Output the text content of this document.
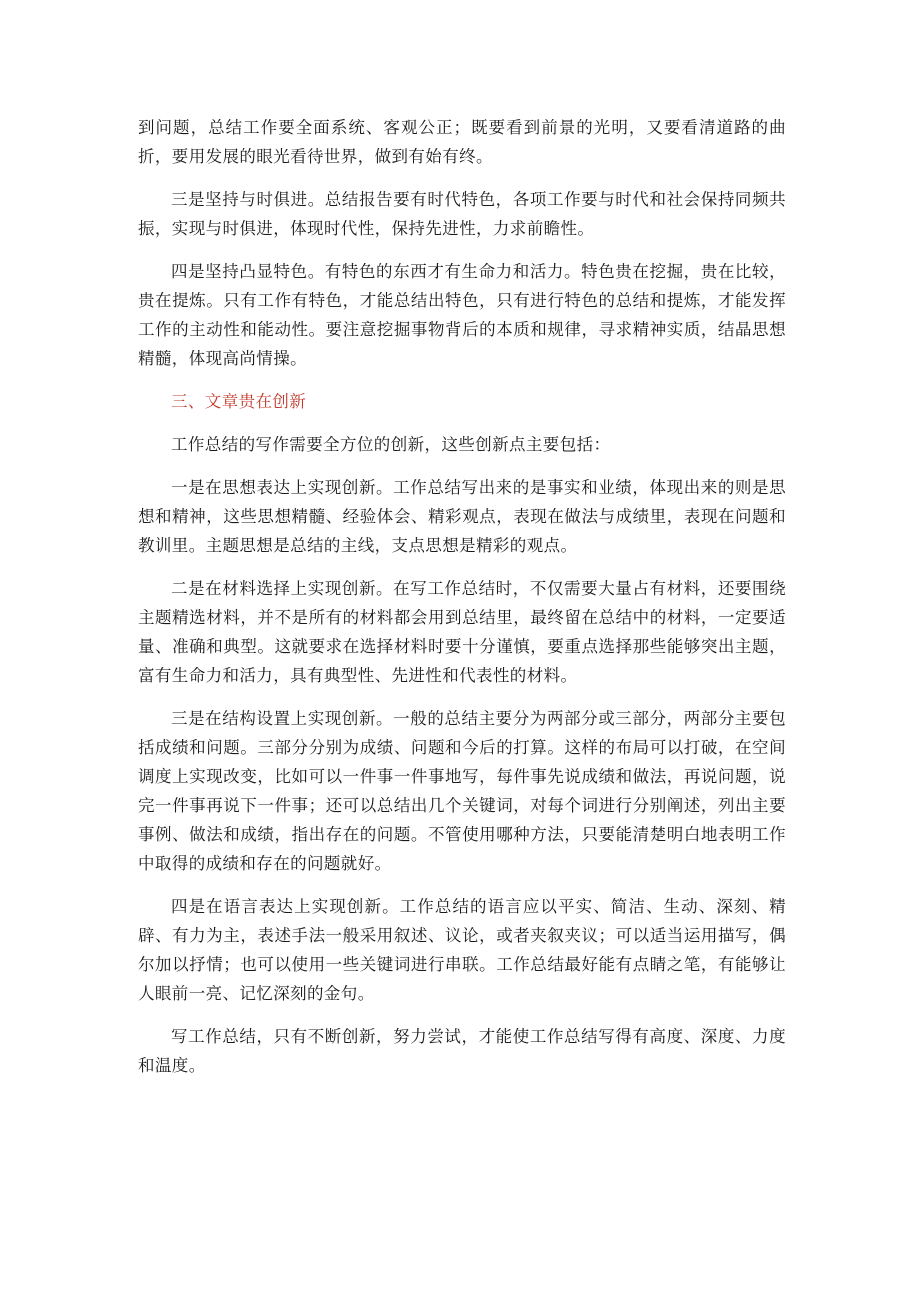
到问题，总结工作要全面系统、客观公正；既要看到前景的光明，又要看清道路的曲折，要用发展的眼光看待世界，做到有始有终。

三是坚持与时俱进。总结报告要有时代特色，各项工作要与时代和社会保持同频共振，实现与时俱进，体现时代性，保持先进性，力求前瞻性。

四是坚持凸显特色。有特色的东西才有生命力和活力。特色贵在挖掘，贵在比较，贵在提炼。只有工作有特色，才能总结出特色，只有进行特色的总结和提炼，才能发挥工作的主动性和能动性。要注意挖掘事物背后的本质和规律，寻求精神实质，结晶思想精髓，体现高尚情操。

三、文章贵在创新

工作总结的写作需要全方位的创新，这些创新点主要包括：

一是在思想表达上实现创新。工作总结写出来的是事实和业绩，体现出来的则是思想和精神，这些思想精髓、经验体会、精彩观点，表现在做法与成绩里，表现在问题和教训里。主题思想是总结的主线，支点思想是精彩的观点。

二是在材料选择上实现创新。在写工作总结时，不仅需要大量占有材料，还要围绕主题精选材料，并不是所有的材料都会用到总结里，最终留在总结中的材料，一定要适量、准确和典型。这就要求在选择材料时要十分谨慎，要重点选择那些能够突出主题，富有生命力和活力，具有典型性、先进性和代表性的材料。

三是在结构设置上实现创新。一般的总结主要分为两部分或三部分，两部分主要包括成绩和问题。三部分分别为成绩、问题和今后的打算。这样的布局可以打破，在空间调度上实现改变，比如可以一件事一件事地写，每件事先说成绩和做法，再说问题，说完一件事再说下一件事；还可以总结出几个关键词，对每个词进行分别阐述，列出主要事例、做法和成绩，指出存在的问题。不管使用哪种方法，只要能清楚明白地表明工作中取得的成绩和存在的问题就好。

四是在语言表达上实现创新。工作总结的语言应以平实、简洁、生动、深刻、精辟、有力为主，表述手法一般采用叙述、议论，或者夹叙夹议；可以适当运用描写，偶尔加以抒情；也可以使用一些关键词进行串联。工作总结最好能有点睛之笔，有能够让人眼前一亮、记忆深刻的金句。

写工作总结，只有不断创新，努力尝试，才能使工作总结写得有高度、深度、力度和温度。
